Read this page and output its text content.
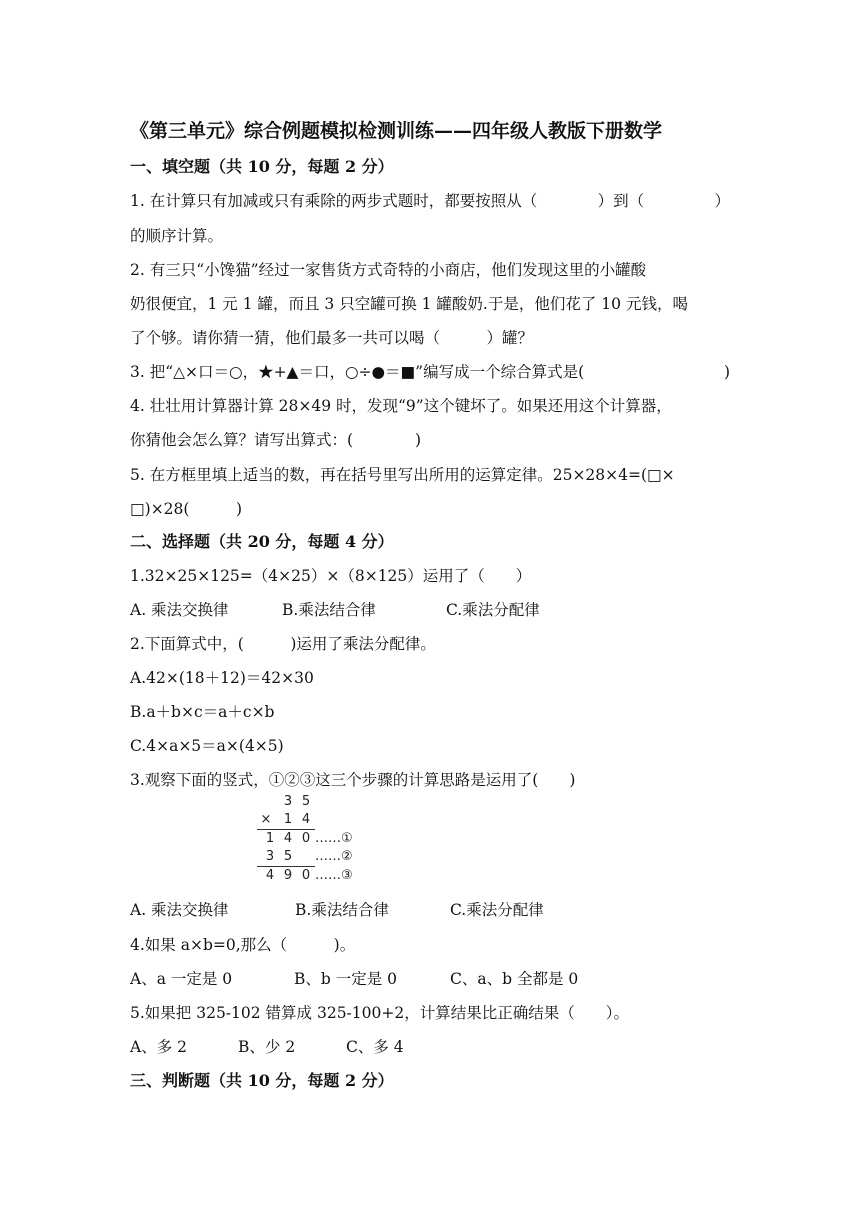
《第三单元》综合例题模拟检测训练——四年级人教版下册数学
一、填空题（共 10 分，每题 2 分）
1. 在计算只有加减或只有乘除的两步式题时，都要按照从（	）到（	）
的顺序计算。
2. 有三只“小馋猫”经过一家售货方式奇特的小商店，他们发现这里的小罐酸
奶很便宜，1 元 1 罐，而且 3 只空罐可换 1 罐酸奶.于是，他们花了 10 元钱，喝
了个够。请你猜一猜，他们最多一共可以喝（　　　）罐？
3. 把“△×口＝○，★+▲＝口，○÷●＝■”编写成一个综合算式是(	)
4. 壮壮用计算器计算 28×49 时，发现“9”这个键坏了。如果还用这个计算器，
你猜他会怎么算？请写出算式：(　　　　)
5. 在方框里填上适当的数，再在括号里写出所用的运算定律。25×28×4=(□×
□)×28(　　　)
二、选择题（共 20 分，每题 4 分）
1.32×25×125=（4×25）×（8×125）运用了（　　）
A. 乘法交换律	B.乘法结合律	C.乘法分配律
2.下面算式中，(　　　)运用了乘法分配律。
A.42×(18＋12)＝42×30
B.a＋b×c＝a＋c×b
C.4×a×5＝a×(4×5)
3.观察下面的竖式，①②③这三个步骤的计算思路是运用了(　　)
3 5
× 1 4
1 4 0 ……①
3 5 ……②
4 9 0 ……③
A. 乘法交换律	B.乘法结合律	C.乘法分配律
4.如果 a×b=0,那么（　　　)。
A、a 一定是 0	B、b 一定是 0	C、a、b 全都是 0
5.如果把 325-102 错算成 325-100+2，计算结果比正确结果（　　）。
A、多 2	B、少 2	C、多 4
三、判断题（共 10 分，每题 2 分）
